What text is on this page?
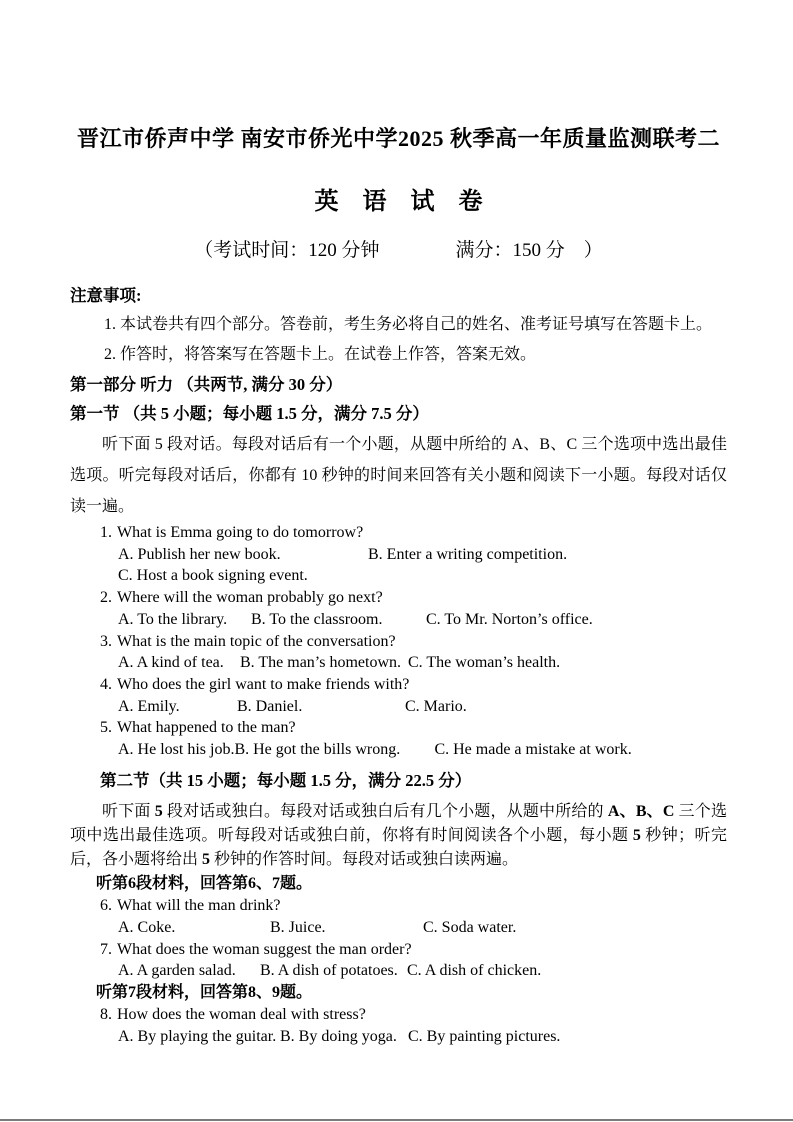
晋江市侨声中学 南安市侨光中学2025 秋季高一年质量监测联考二
英　语　试　卷
（考试时间：120 分钟　　　　满分：150 分　）
注意事项:
1. 本试卷共有四个部分。答卷前，考生务必将自己的姓名、准考证号填写在答题卡上。
2. 作答时，将答案写在答题卡上。在试卷上作答，答案无效。
第一部分 听力 （共两节, 满分 30 分）
第一节 （共 5 小题；每小题 1.5 分，满分 7.5 分）
听下面 5 段对话。每段对话后有一个小题，从题中所给的 A、B、C 三个选项中选出最佳选项。听完每段对话后，你都有 10 秒钟的时间来回答有关小题和阅读下一小题。每段对话仅读一遍。
1. What is Emma going to do tomorrow?
A. Publish her new book.	B. Enter a writing competition.
C. Host a book signing event.
2. Where will the woman probably go next?
A. To the library.	B. To the classroom.	C. To Mr. Norton’s office.
3. What is the main topic of the conversation?
A. A kind of tea.	B. The man’s hometown. C. The woman’s health.
4. Who does the girl want to make friends with?
A. Emily.	B. Daniel.	C. Mario.
5. What happened to the man?
A. He lost his job. B. He got the bills wrong.	C. He made a mistake at work.
第二节（共 15 小题；每小题 1.5 分，满分 22.5 分）
听下面 5 段对话或独白。每段对话或独白后有几个小题，从题中所给的 A、B、C 三个选项中选出最佳选项。听每段对话或独白前，你将有时间阅读各个小题，每小题 5 秒钟；听完后，各小题将给出 5 秒钟的作答时间。每段对话或独白读两遍。
听第6段材料，回答第6、7题。
6. What will the man drink?
A. Coke.	B. Juice.	C. Soda water.
7. What does the woman suggest the man order?
A. A garden salad.	B. A dish of potatoes. C. A dish of chicken.
听第7段材料，回答第8、9题。
8. How does the woman deal with stress?
A. By playing the guitar. B. By doing yoga. C. By painting pictures.
